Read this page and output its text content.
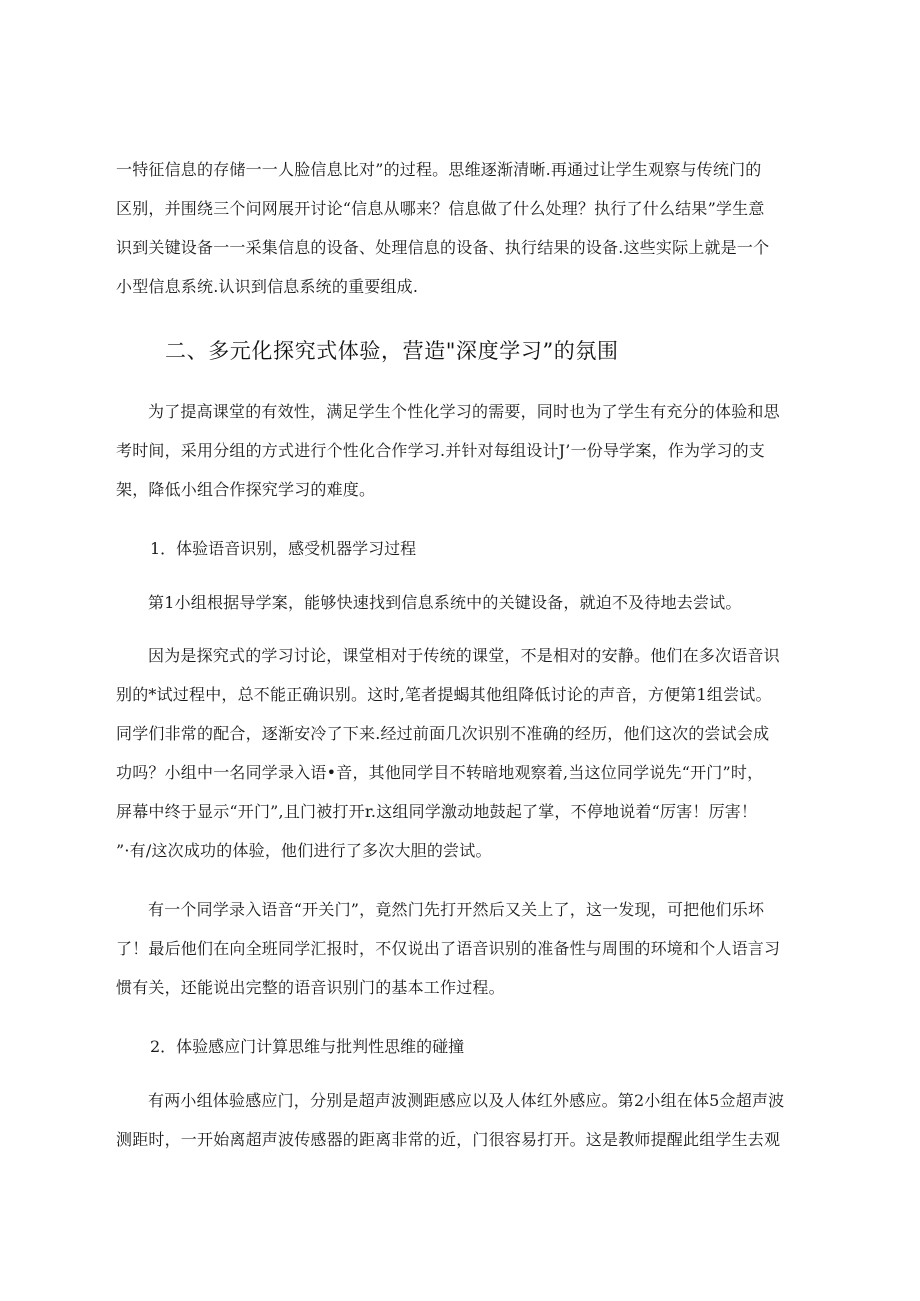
一特征信息的存储一一人脸信息比对”的过程。思维逐渐清晰.再通过让学生观察与传统门的
区别，并围绕三个问网展开讨论“信息从哪来？信息做了什么处理？执行了什么结果”学生意
识到关键设备一一采集信息的设备、处理信息的设备、执行结果的设备.这些实际上就是一个
小型信息系统.认识到信息系统的重要组成.
二、多元化探究式体验，营造"深度学习”的氛围
为了提高课堂的有效性，满足学生个性化学习的需要，同时也为了学生有充分的体验和思
考时间，采用分组的方式进行个性化合作学习.并针对每组设计J’一份导学案，作为学习的支
架，降低小组合作探究学习的难度。
1．体验语音识别，感受机器学习过程
第1小组根据导学案，能够快速找到信息系统中的关键设备，就迫不及待地去尝试。
因为是探究式的学习讨论，课堂相对于传统的课堂，不是相对的安静。他们在多次语音识
别的*试过程中，总不能正确识别。这时,笔者提蝎其他组降低讨论的声音，方便第1组尝试。
同学们非常的配合，逐渐安冷了下来.经过前面几次识别不准确的经历，他们这次的尝试会成
功吗？小组中一名同学录入语•音，其他同学目不转暗地观察着,当这位同学说先“开门”时，
屏幕中终于显示“开门”,且门被打开r.这组同学激动地鼓起了掌，不停地说着“厉害！厉害！
”·有/这次成功的体验，他们进行了多次大胆的尝试。
有一个同学录入语音“开关门”，竟然门先打开然后又关上了，这一发现，可把他们乐坏
了！最后他们在向全班同学汇报时，不仅说出了语音识别的准备性与周围的环境和个人语言习
惯有关，还能说出完整的语音识别门的基本工作过程。
2．体验感应门计算思维与批判性思维的碰撞
有两小组体验感应门，分别是超声波测距感应以及人体红外感应。第2小组在体5佥超声波
测距时，一开始离超声波传感器的距离非常的近，门很容易打开。这是教师提醒此组学生去观
